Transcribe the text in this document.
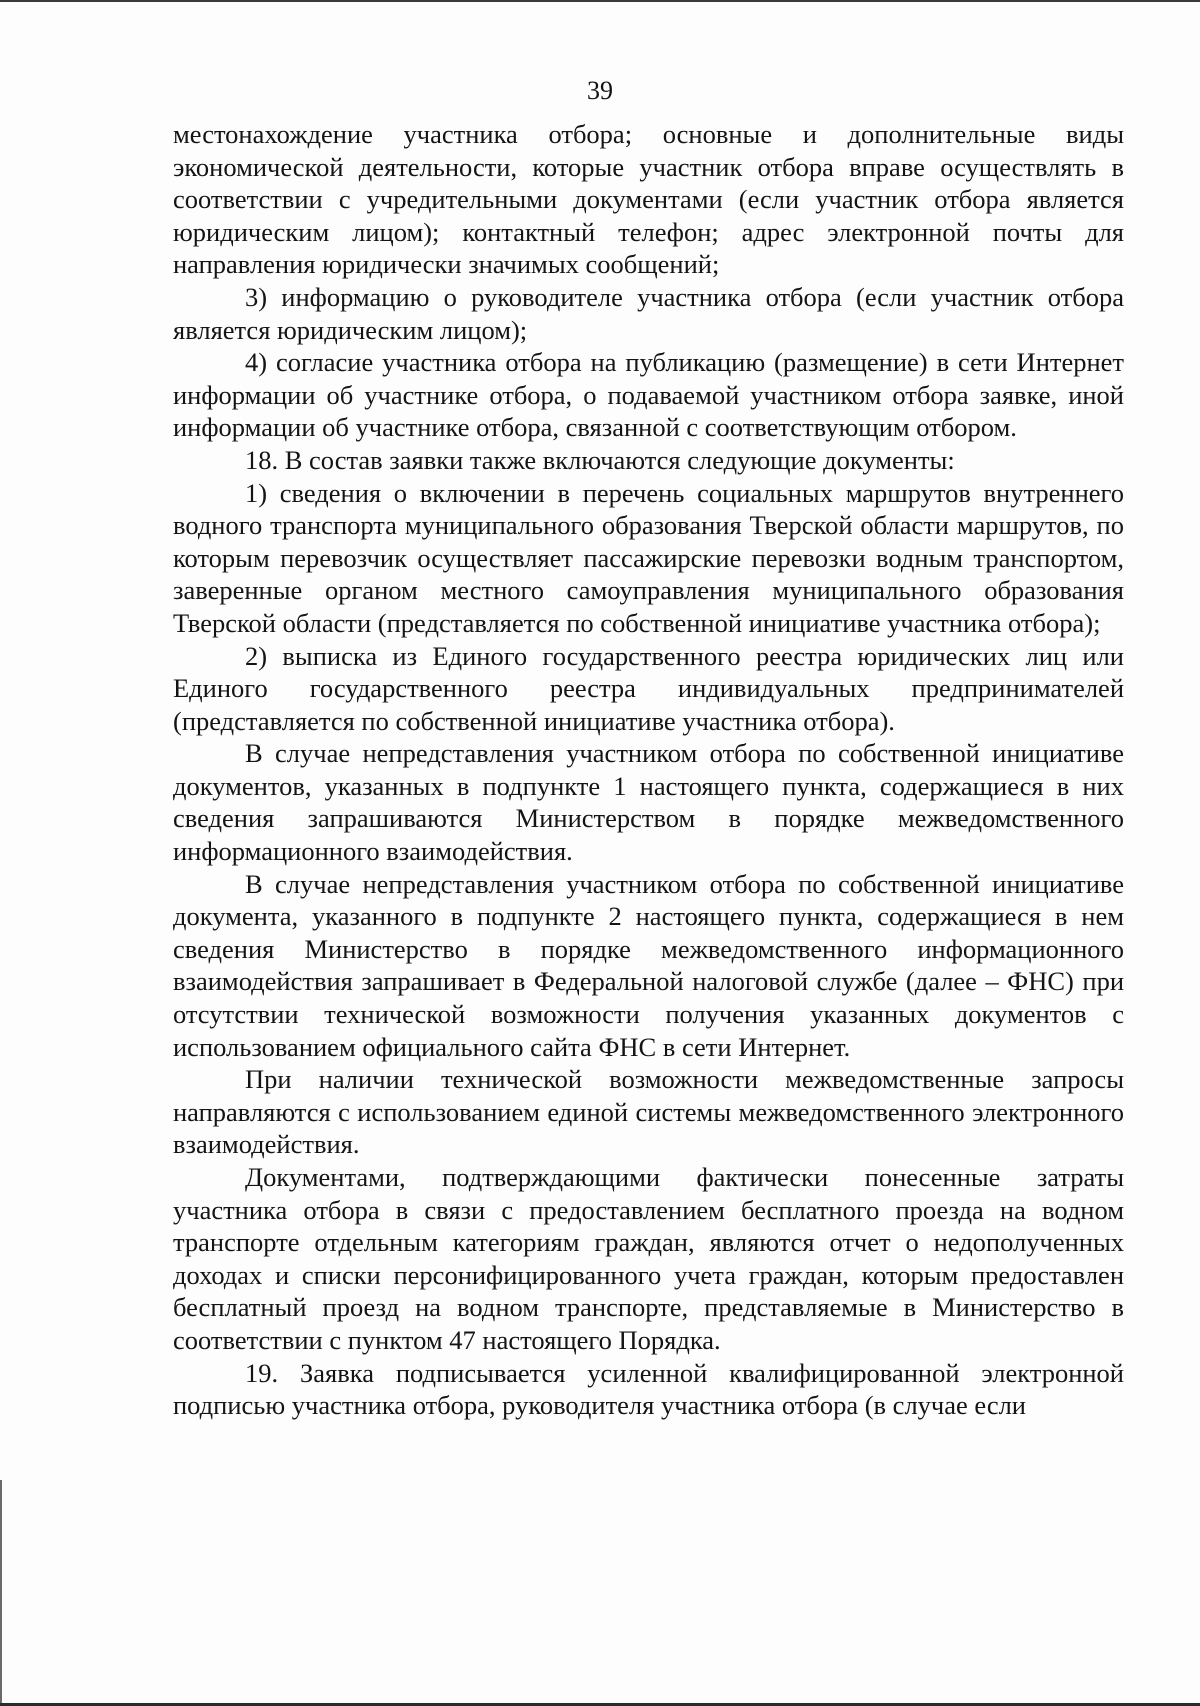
39

местонахождение участника отбора; основные и дополнительные виды экономической деятельности, которые участник отбора вправе осуществлять в соответствии с учредительными документами (если участник отбора является юридическим лицом); контактный телефон; адрес электронной почты для направления юридически значимых сообщений;

3) информацию о руководителе участника отбора (если участник отбора является юридическим лицом);

4) согласие участника отбора на публикацию (размещение) в сети Интернет информации об участнике отбора, о подаваемой участником отбора заявке, иной информации об участнике отбора, связанной с соответствующим отбором.

18. В состав заявки также включаются следующие документы:

1) сведения о включении в перечень социальных маршрутов внутреннего водного транспорта муниципального образования Тверской области маршрутов, по которым перевозчик осуществляет пассажирские перевозки водным транспортом, заверенные органом местного самоуправления муниципального образования Тверской области (представляется по собственной инициативе участника отбора);

2) выписка из Единого государственного реестра юридических лиц или Единого государственного реестра индивидуальных предпринимателей (представляется по собственной инициативе участника отбора).

В случае непредставления участником отбора по собственной инициативе документов, указанных в подпункте 1 настоящего пункта, содержащиеся в них сведения запрашиваются Министерством в порядке межведомственного информационного взаимодействия.

В случае непредставления участником отбора по собственной инициативе документа, указанного в подпункте 2 настоящего пункта, содержащиеся в нем сведения Министерство в порядке межведомственного информационного взаимодействия запрашивает в Федеральной налоговой службе (далее – ФНС) при отсутствии технической возможности получения указанных документов с использованием официального сайта ФНС в сети Интернет.

При наличии технической возможности межведомственные запросы направляются с использованием единой системы межведомственного электронного взаимодействия.

Документами, подтверждающими фактически понесенные затраты участника отбора в связи с предоставлением бесплатного проезда на водном транспорте отдельным категориям граждан, являются отчет о недополученных доходах и списки персонифицированного учета граждан, которым предоставлен бесплатный проезд на водном транспорте, представляемые в Министерство в соответствии с пунктом 47 настоящего Порядка.

19. Заявка подписывается усиленной квалифицированной электронной подписью участника отбора, руководителя участника отбора (в случае если
